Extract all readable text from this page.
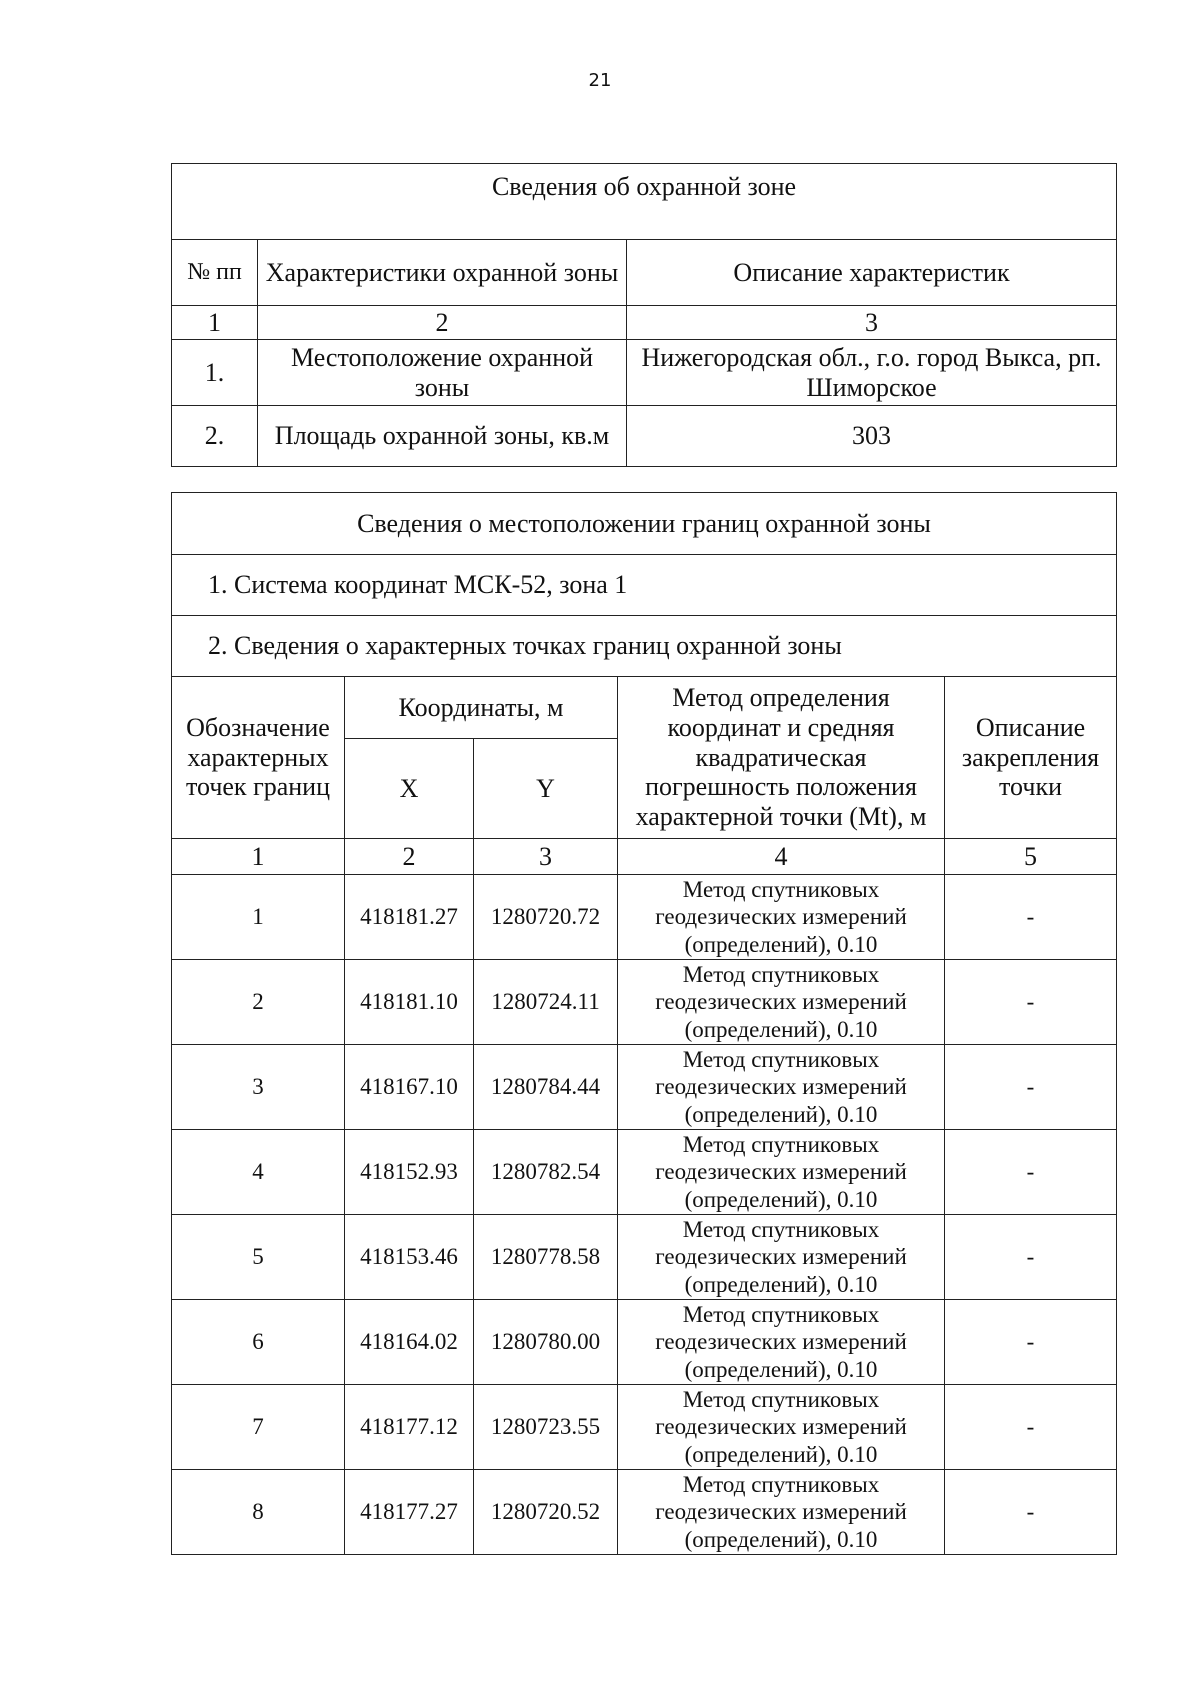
21
Сведения об охранной зоне		
№ пп	Характеристики охранной зоны	Описание характеристик
1	2	3
1.	Местоположение охранной зоны	Нижегородская обл., г.о. город Выкса, рп. Шиморское
2.	Площадь охранной зоны, кв.м	303
Сведения о местоположении границ охранной зоны				
1. Система координат МСК-52, зона 1				
2. Сведения о характерных точках границ охранной зоны				
Обозначение характерных точек границ	Координаты, м		Метод определения координат и средняя квадратическая погрешность положения характерной точки (Mt), м	Описание закрепления точки
	X	Y		
1	2	3	4	5
1	418181.27	1280720.72	Метод спутниковых геодезических измерений (определений), 0.10	-
2	418181.10	1280724.11	Метод спутниковых геодезических измерений (определений), 0.10	-
3	418167.10	1280784.44	Метод спутниковых геодезических измерений (определений), 0.10	-
4	418152.93	1280782.54	Метод спутниковых геодезических измерений (определений), 0.10	-
5	418153.46	1280778.58	Метод спутниковых геодезических измерений (определений), 0.10	-
6	418164.02	1280780.00	Метод спутниковых геодезических измерений (определений), 0.10	-
7	418177.12	1280723.55	Метод спутниковых геодезических измерений (определений), 0.10	-
8	418177.27	1280720.52	Метод спутниковых геодезических измерений (определений), 0.10	-
